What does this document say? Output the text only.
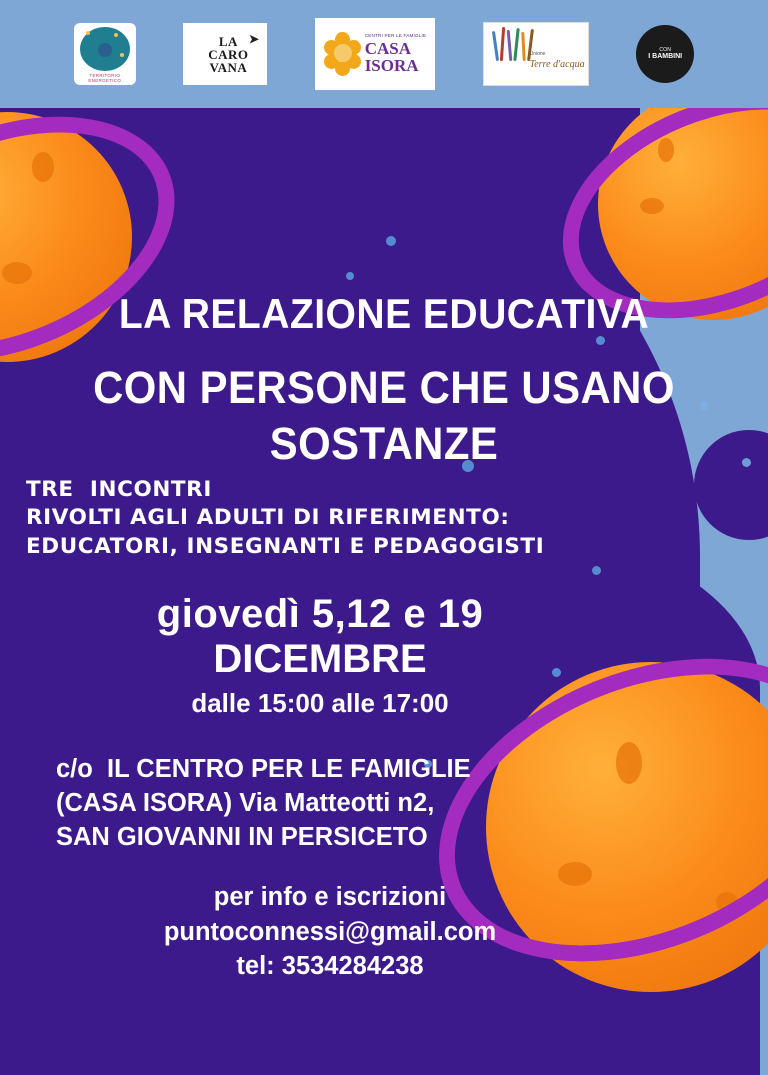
TERRITORIO ENERGETICO
LA
CARO
VANA
➤	CENTRI PER LE FAMIGLIE
CASA
ISORA
Unione
Terre d'acqua
CON
I BAMBINI
LA RELAZIONE EDUCATIVA
CON PERSONE CHE USANO SOSTANZE
TRE  INCONTRI
RIVOLTI AGLI ADULTI DI RIFERIMENTO:
EDUCATORI, INSEGNANTI E PEDAGOGISTI
giovedì 5,12 e 19
DICEMBRE
dalle 15:00 alle 17:00
c/o  IL CENTRO PER LE FAMIGLIE
(CASA ISORA) Via Matteotti n2,
SAN GIOVANNI IN PERSICETO
per info e iscrizioni
puntoconnessi@gmail.com
tel: 3534284238
